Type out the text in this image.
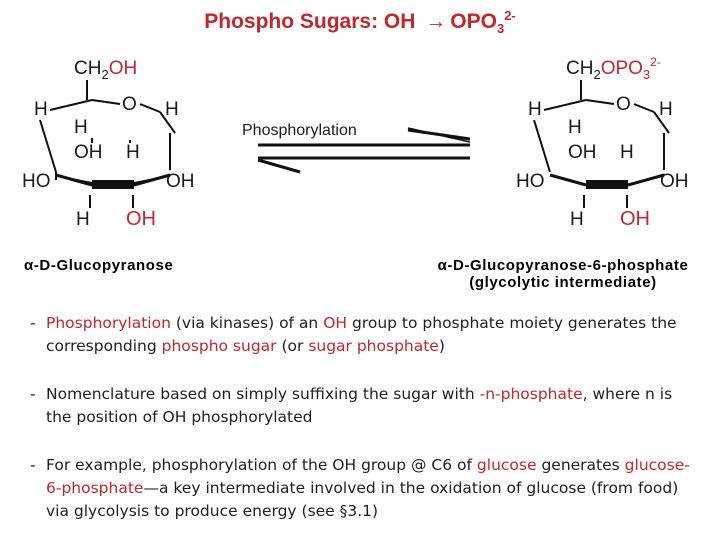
Phospho Sugars: OH → $OPO_3^{2-}$
$CH_2OH$
H	O H
H
OH H
HO	OH
H OH
Phosphorylation
$CH_2OPO_3^{2-}$
H	O H
H
OH H
HO	OH
H OH
α-D-Glucopyranose	α-D-Glucopyranose-6-phosphate
(glycolytic intermediate)
- Phosphorylation (via kinases) of an OH group to phosphate moiety generates the corresponding phospho sugar (or sugar phosphate)
- Nomenclature based on simply suffixing the sugar with -n-phosphate, where n is the position of OH phosphorylated
- For example, phosphorylation of the OH group @ C6 of glucose generates glucose-6-phosphate—a key intermediate involved in the oxidation of glucose (from food) via glycolysis to produce energy (see §3.1)
